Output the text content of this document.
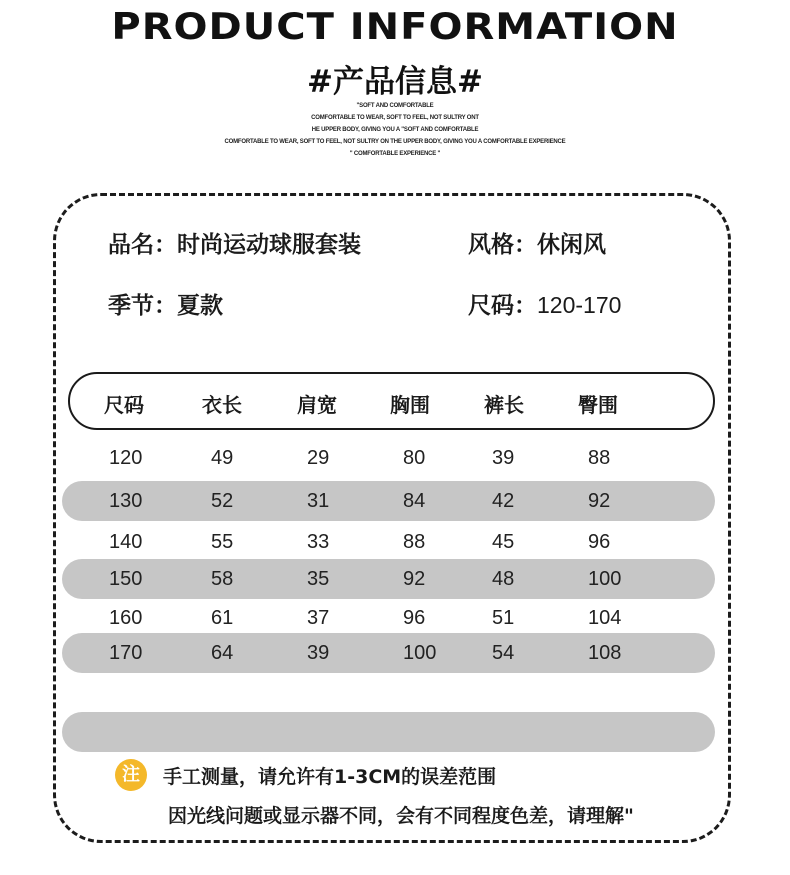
PRODUCT INFORMATION
#产品信息#
"SOFT AND COMFORTABLE
COMFORTABLE TO WEAR, SOFT TO FEEL, NOT SULTRY ONT
HE UPPER BODY, GIVING YOU A "SOFT AND COMFORTABLE
COMFORTABLE TO WEAR, SOFT TO FEEL, NOT SULTRY ON THE UPPER BODY, GIVING YOU A COMFORTABLE EXPERIENCE
" COMFORTABLE EXPERIENCE "
品名：时尚运动球服套装	风格：休闲风
季节：夏款	尺码：120-170
尺码	衣长	肩宽	胸围	裤长	臀围
120	49	29	80	39	88
130	52	31	84	42	92
140	55	33	88	45	96
150	58	35	92	48	100
160	61	37	96	51	104
170	64	39	100	54	108
注	手工测量，请允许有1-3CM的误差范围
因光线问题或显示器不同，会有不同程度色差，请理解"
